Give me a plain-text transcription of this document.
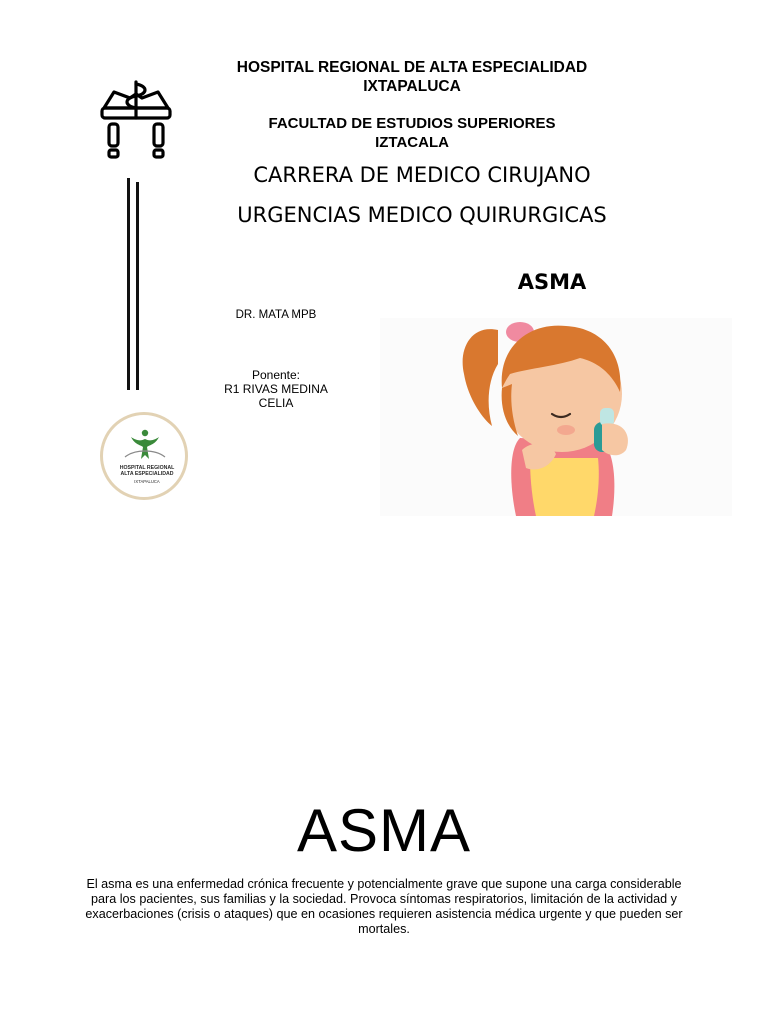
HOSPITAL REGIONAL
ALTA ESPECIALIDAD
IXTAPALUCA
HOSPITAL REGIONAL DE ALTA ESPECIALIDAD
IXTAPALUCA
FACULTAD DE ESTUDIOS SUPERIORES
IZTACALA
CARRERA DE MEDICO CIRUJANO
URGENCIAS MEDICO QUIRURGICAS
ASMA
DR. MATA MPB
Ponente:
R1 RIVAS MEDINA
CELIA
ASMA
El asma es una enfermedad crónica frecuente y potencialmente grave que supone una carga considerable
para los pacientes, sus familias y la sociedad. Provoca síntomas respiratorios, limitación de la actividad y
exacerbaciones (crisis o ataques) que en ocasiones requieren asistencia médica urgente y que pueden ser
mortales.
